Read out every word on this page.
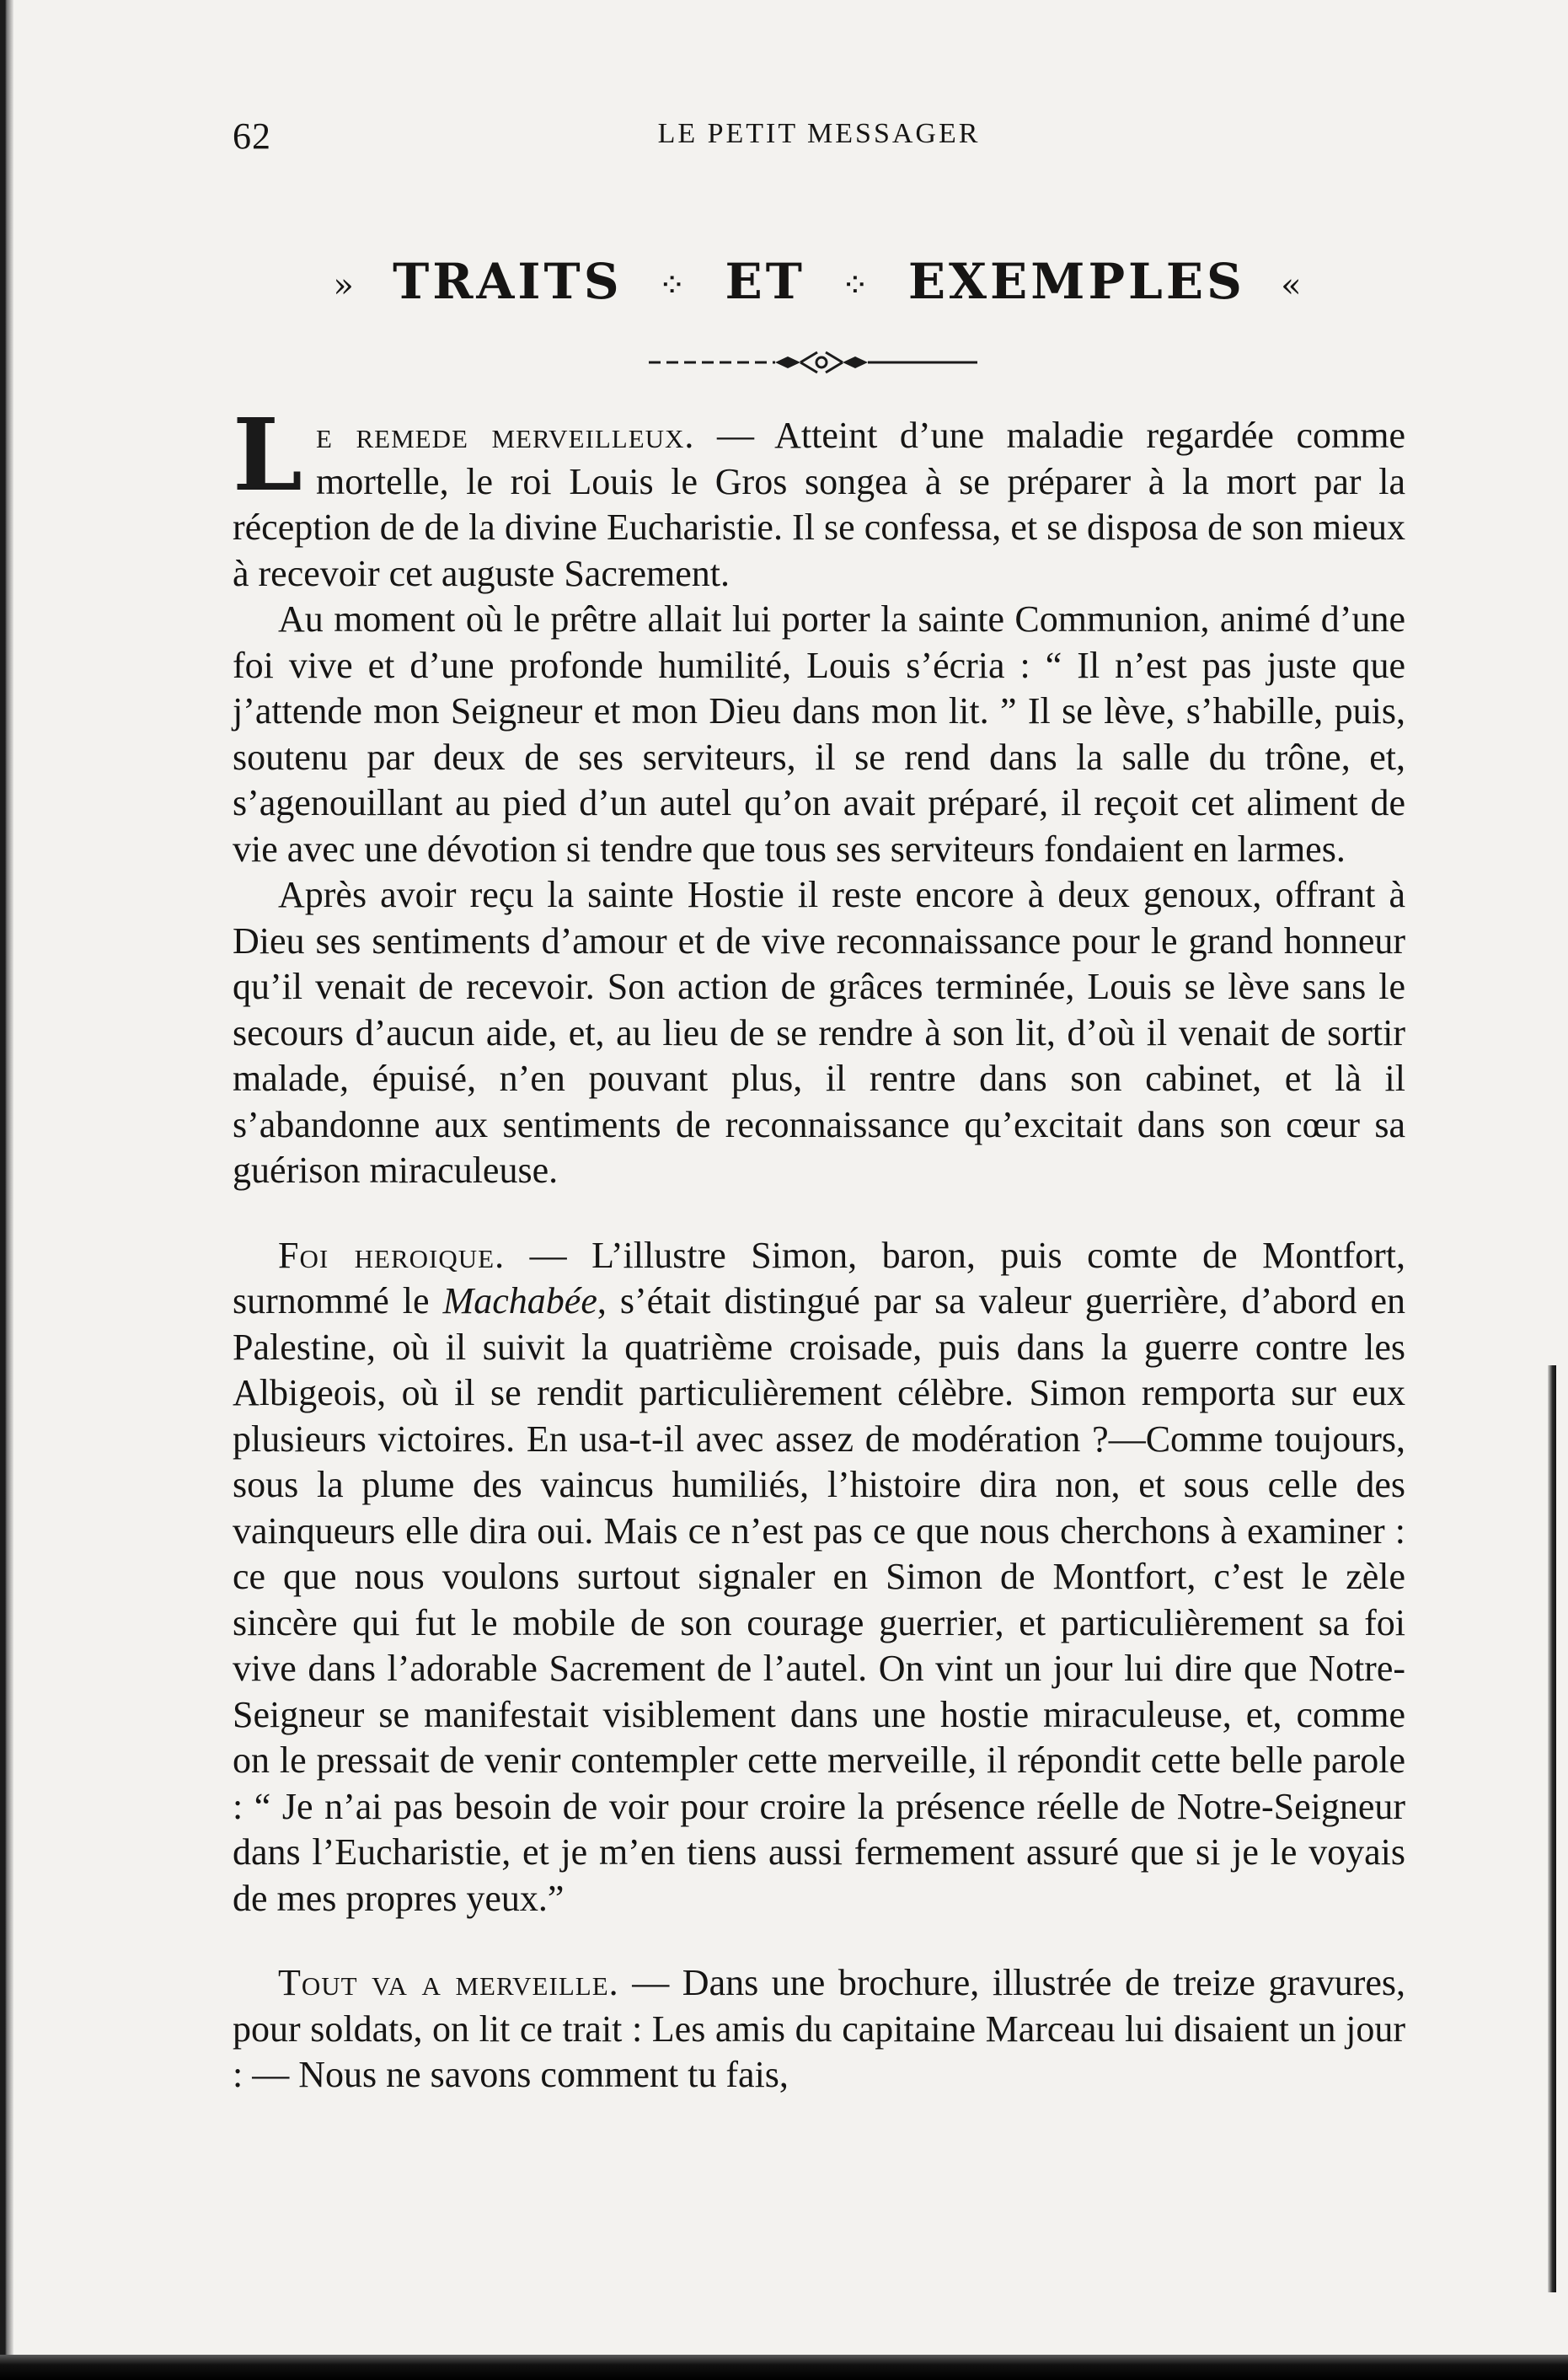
62	LE PETIT MESSAGER
» TRAITS ⁘ ET ⁘ EXEMPLES «

Le remede merveilleux. — Atteint d’une maladie regardée comme mortelle, le roi Louis le Gros songea à se préparer à la mort par la réception de de la divine Eucharistie. Il se confessa, et se disposa de son mieux à recevoir cet auguste Sacrement.

Au moment où le prêtre allait lui porter la sainte Communion, animé d’une foi vive et d’une profonde humilité, Louis s’écria : “ Il n’est pas juste que j’attende mon Seigneur et mon Dieu dans mon lit. ” Il se lève, s’habille, puis, soutenu par deux de ses serviteurs, il se rend dans la salle du trône, et, s’agenouillant au pied d’un autel qu’on avait préparé, il reçoit cet aliment de vie avec une dévotion si tendre que tous ses serviteurs fondaient en larmes.

Après avoir reçu la sainte Hostie il reste encore à deux genoux, offrant à Dieu ses sentiments d’amour et de vive reconnaissance pour le grand honneur qu’il venait de recevoir. Son action de grâces terminée, Louis se lève sans le secours d’aucun aide, et, au lieu de se rendre à son lit, d’où il venait de sortir malade, épuisé, n’en pouvant plus, il rentre dans son cabinet, et là il s’abandonne aux sentiments de reconnaissance qu’excitait dans son cœur sa guérison miraculeuse.

Foi heroique. — L’illustre Simon, baron, puis comte de Montfort, surnommé le Machabée, s’était distingué par sa valeur guerrière, d’abord en Palestine, où il suivit la quatrième croisade, puis dans la guerre contre les Albigeois, où il se rendit particulièrement célèbre. Simon remporta sur eux plusieurs victoires. En usa-t-il avec assez de modération ?—Comme toujours, sous la plume des vaincus humiliés, l’histoire dira non, et sous celle des vainqueurs elle dira oui. Mais ce n’est pas ce que nous cherchons à examiner : ce que nous voulons surtout signaler en Simon de Montfort, c’est le zèle sincère qui fut le mobile de son courage guerrier, et particulièrement sa foi vive dans l’adorable Sacrement de l’autel. On vint un jour lui dire que Notre-Seigneur se manifestait visiblement dans une hostie miraculeuse, et, comme on le pressait de venir contempler cette merveille, il répondit cette belle parole : “ Je n’ai pas besoin de voir pour croire la présence réelle de Notre-Seigneur dans l’Eucharistie, et je m’en tiens aussi fermement assuré que si je le voyais de mes propres yeux.”

Tout va a merveille. — Dans une brochure, illustrée de treize gravures, pour soldats, on lit ce trait : Les amis du capitaine Marceau lui disaient un jour : — Nous ne savons comment tu fais,
